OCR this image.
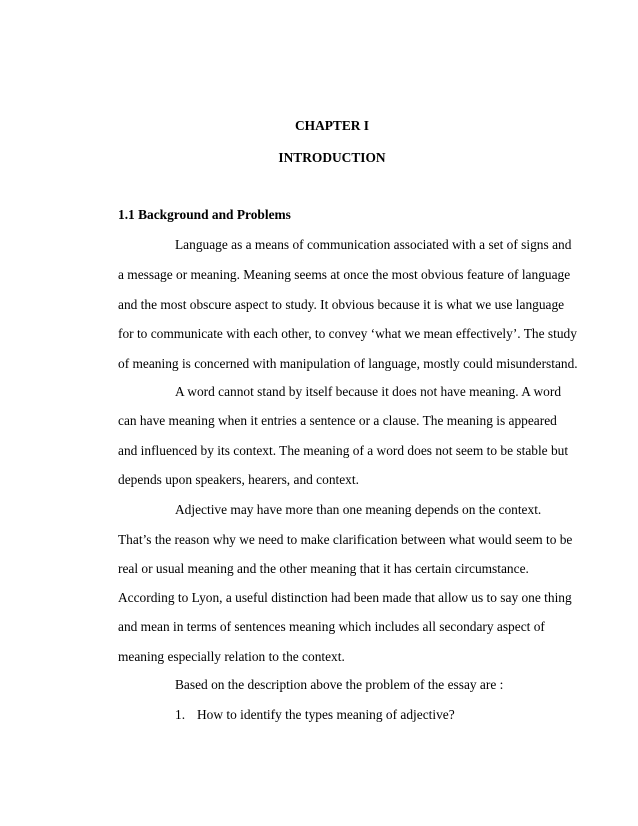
CHAPTER I
INTRODUCTION
1.1 Background and Problems
Language as a means of communication associated with a set of signs and
a message or meaning. Meaning seems at once the most obvious feature of language
and the most obscure aspect to study. It obvious because it is what we use language
for to communicate with each other, to convey ‘what we mean effectively’. The study
of meaning is concerned with manipulation of language, mostly could misunderstand.
A word cannot stand by itself because it does not have meaning. A word
can have meaning when it entries a sentence or a clause. The meaning is appeared
and influenced by its context. The meaning of a word does not seem to be stable but
depends upon speakers, hearers, and context.
Adjective may have more than one meaning depends on the context.
That’s the reason why we need to make clarification between what would seem to be
real or usual meaning and the other meaning that it has certain circumstance.
According to Lyon, a useful distinction had been made that allow us to say one thing
and mean in terms of sentences meaning which includes all secondary aspect of
meaning especially relation to the context.
Based on the description above the problem of the essay are :
1. How to identify the types meaning of adjective?
